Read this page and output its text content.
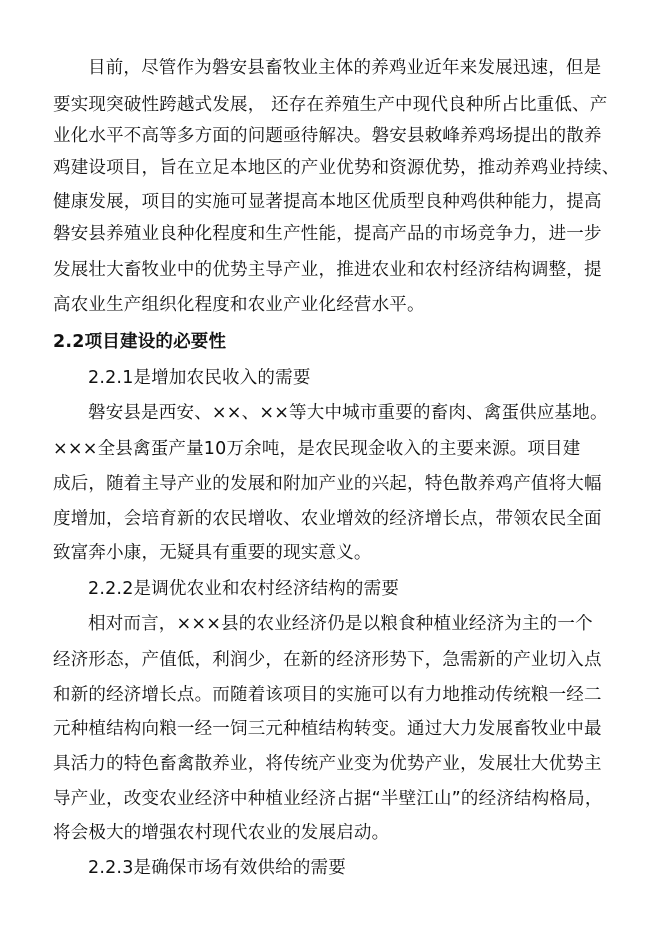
目前，尽管作为磐安县畜牧业主体的养鸡业近年来发展迅速，但是
要实现突破性跨越式发展， 还存在养殖生产中现代良种所占比重低、产
业化水平不高等多方面的问题亟待解决。磐安县敕峰养鸡场提出的散养
鸡建设项目，旨在立足本地区的产业优势和资源优势，推动养鸡业持续、
健康发展，项目的实施可显著提高本地区优质型良种鸡供种能力，提高
磐安县养殖业良种化程度和生产性能，提高产品的市场竞争力，进一步
发展壮大畜牧业中的优势主导产业，推进农业和农村经济结构调整，提
高农业生产组织化程度和农业产业化经营水平。
2.2项目建设的必要性
2.2.1是增加农民收入的需要
磐安县是西安、××、××等大中城市重要的畜肉、禽蛋供应基地。
×××全县禽蛋产量10万余吨，是农民现金收入的主要来源。项目建
成后，随着主导产业的发展和附加产业的兴起，特色散养鸡产值将大幅
度增加，会培育新的农民增收、农业增效的经济增长点，带领农民全面
致富奔小康，无疑具有重要的现实意义。
2.2.2是调优农业和农村经济结构的需要
相对而言，×××县的农业经济仍是以粮食种植业经济为主的一个
经济形态，产值低，利润少，在新的经济形势下，急需新的产业切入点
和新的经济增长点。而随着该项目的实施可以有力地推动传统粮一经二
元种植结构向粮一经一饲三元种植结构转变。通过大力发展畜牧业中最
具活力的特色畜禽散养业，将传统产业变为优势产业，发展壮大优势主
导产业，改变农业经济中种植业经济占据“半壁江山”的经济结构格局，
将会极大的增强农村现代农业的发展启动。
2.2.3是确保市场有效供给的需要
